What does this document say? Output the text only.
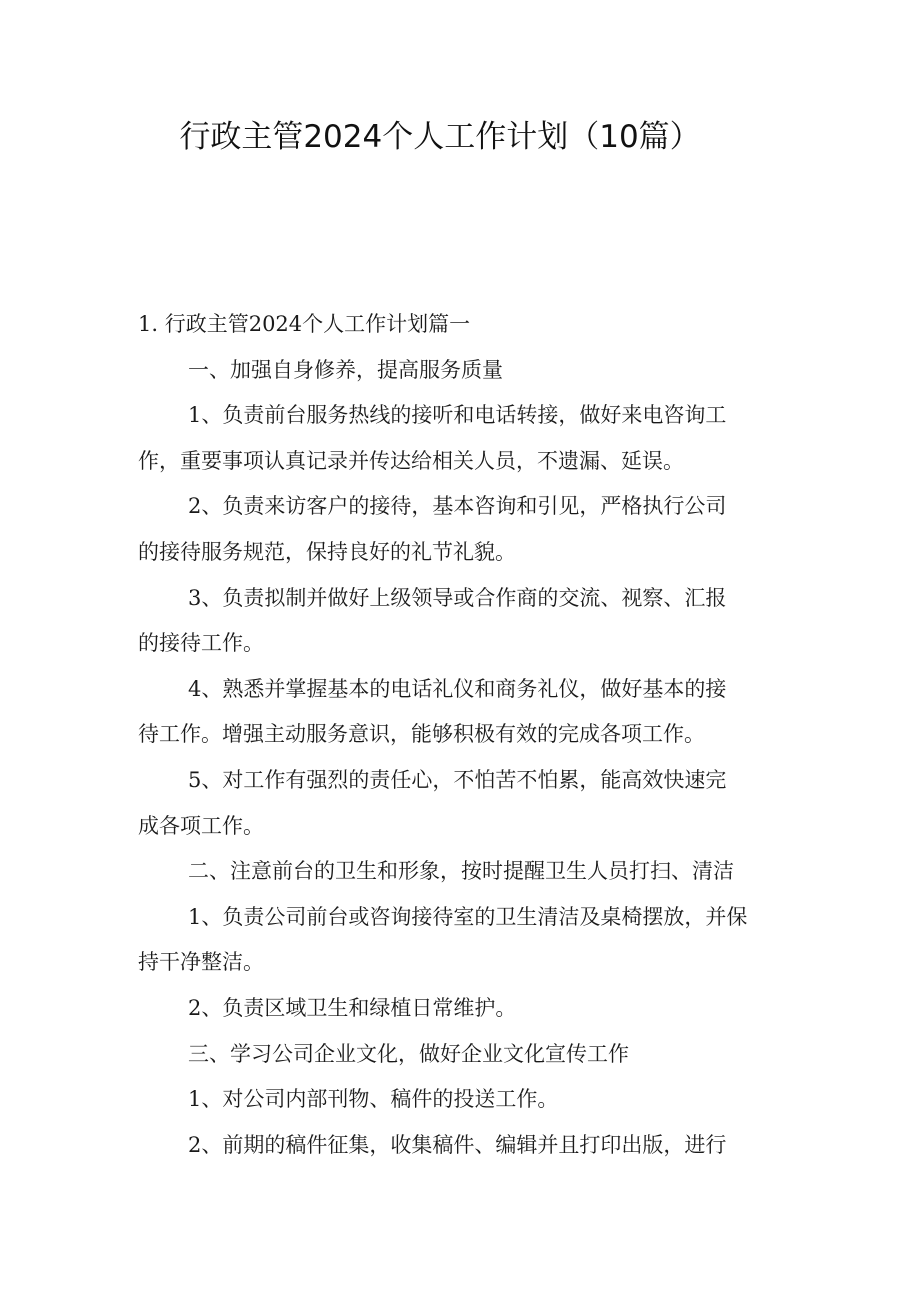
行政主管2024个人工作计划（10篇）
1. 行政主管2024个人工作计划篇一
一、加强自身修养，提高服务质量
1、负责前台服务热线的接听和电话转接，做好来电咨询工
作，重要事项认真记录并传达给相关人员，不遗漏、延误。
2、负责来访客户的接待，基本咨询和引见，严格执行公司
的接待服务规范，保持良好的礼节礼貌。
3、负责拟制并做好上级领导或合作商的交流、视察、汇报
的接待工作。
4、熟悉并掌握基本的电话礼仪和商务礼仪，做好基本的接
待工作。增强主动服务意识，能够积极有效的完成各项工作。
5、对工作有强烈的责任心，不怕苦不怕累，能高效快速完
成各项工作。
二、注意前台的卫生和形象，按时提醒卫生人员打扫、清洁
1、负责公司前台或咨询接待室的卫生清洁及桌椅摆放，并保
持干净整洁。
2、负责区域卫生和绿植日常维护。
三、学习公司企业文化，做好企业文化宣传工作
1、对公司内部刊物、稿件的投送工作。
2、前期的稿件征集，收集稿件、编辑并且打印出版，进行
